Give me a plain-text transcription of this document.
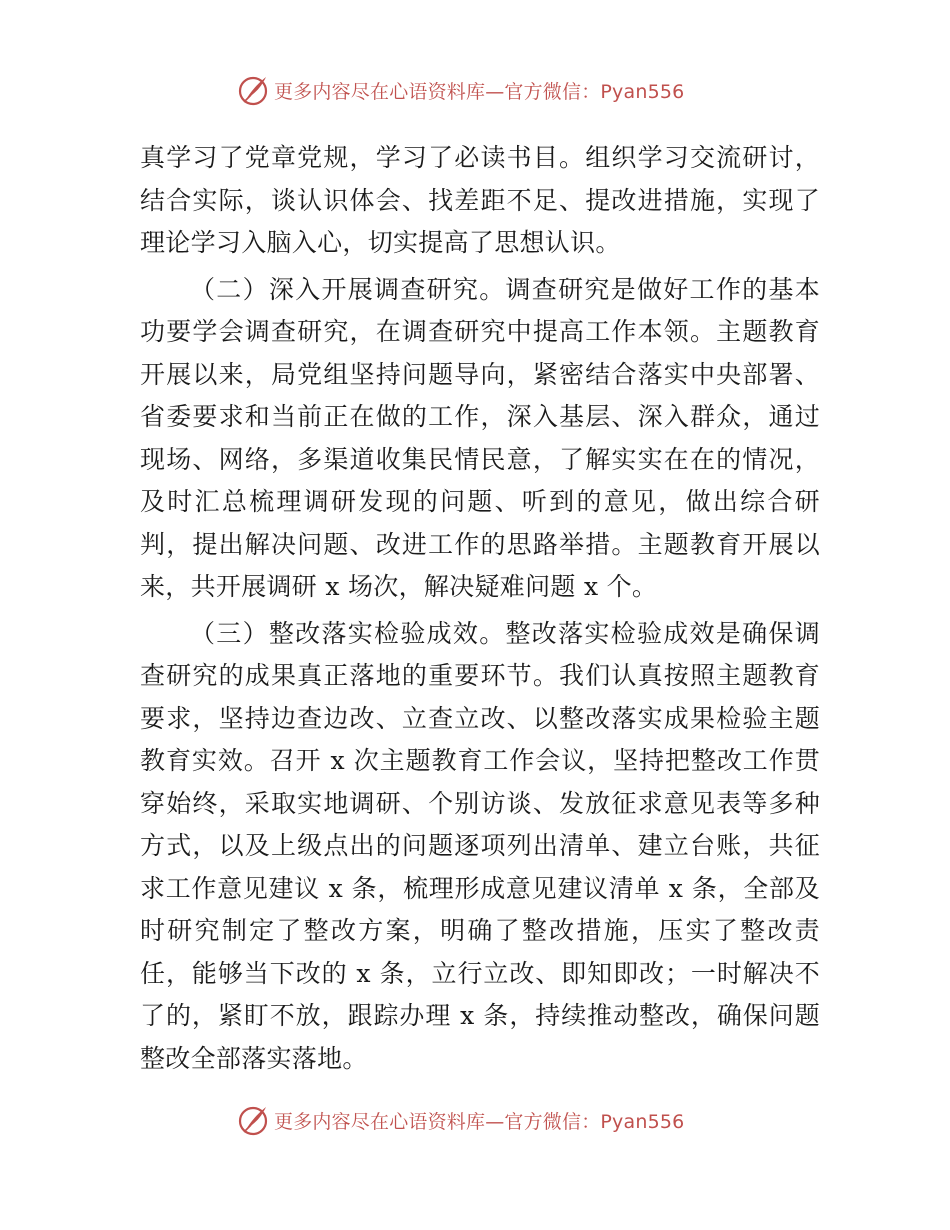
更多内容尽在心语资料库—官方微信：Pyan556

真学习了党章党规，学习了必读书目。组织学习交流研讨，结合实际，谈认识体会、找差距不足、提改进措施，实现了理论学习入脑入心，切实提高了思想认识。

（二）深入开展调查研究。调查研究是做好工作的基本功要学会调查研究，在调查研究中提高工作本领。主题教育开展以来，局党组坚持问题导向，紧密结合落实中央部署、省委要求和当前正在做的工作，深入基层、深入群众，通过现场、网络，多渠道收集民情民意，了解实实在在的情况，及时汇总梳理调研发现的问题、听到的意见，做出综合研判，提出解决问题、改进工作的思路举措。主题教育开展以来，共开展调研 x 场次，解决疑难问题 x 个。

（三）整改落实检验成效。整改落实检验成效是确保调查研究的成果真正落地的重要环节。我们认真按照主题教育要求，坚持边查边改、立查立改、以整改落实成果检验主题教育实效。召开 x 次主题教育工作会议，坚持把整改工作贯穿始终，采取实地调研、个别访谈、发放征求意见表等多种方式，以及上级点出的问题逐项列出清单、建立台账，共征求工作意见建议 x 条，梳理形成意见建议清单 x 条，全部及时研究制定了整改方案，明确了整改措施，压实了整改责任，能够当下改的 x 条，立行立改、即知即改；一时解决不了的，紧盯不放，跟踪办理 x 条，持续推动整改，确保问题整改全部落实落地。

更多内容尽在心语资料库—官方微信：Pyan556
